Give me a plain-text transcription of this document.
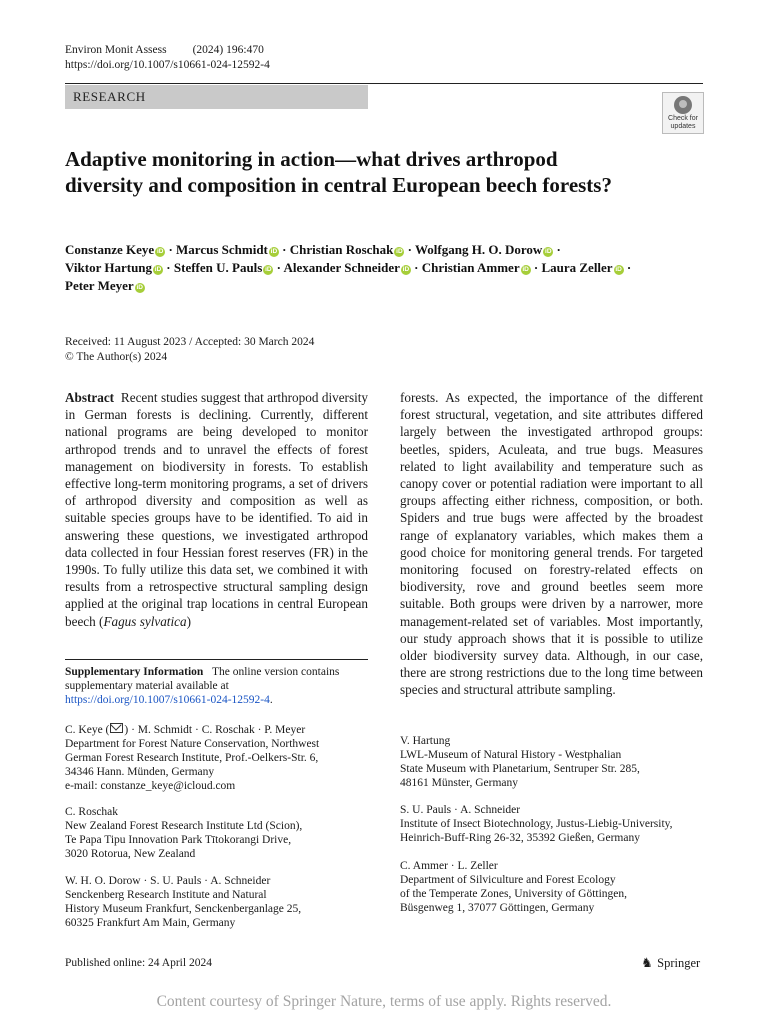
Environ Monit Assess (2024) 196:470
https://doi.org/10.1007/s10661-024-12592-4
RESEARCH
Check for
updates
Adaptive monitoring in action—what drives arthropod diversity and composition in central European beech forests?
Constanze Keye iD · Marcus Schmidt iD · Christian Roschak iD · Wolfgang H. O. Dorow iD ·
Viktor Hartung iD · Steffen U. Pauls iD · Alexander Schneider iD · Christian Ammer iD · Laura Zeller iD ·
Peter Meyer iD
Received: 11 August 2023 / Accepted: 30 March 2024
© The Author(s) 2024

Abstract Recent studies suggest that arthropod diversity in German forests is declining. Currently, different national programs are being developed to monitor arthropod trends and to unravel the effects of forest management on biodiversity in forests. To establish effective long-term monitoring programs, a set of drivers of arthropod diversity and composition as well as suitable species groups have to be identified. To aid in answering these questions, we investigated arthropod data collected in four Hessian forest reserves (FR) in the 1990s. To fully utilize this data set, we combined it with results from a retrospective structural sampling design applied at the original trap locations in central European beech (Fagus sylvatica)

forests. As expected, the importance of the different forest structural, vegetation, and site attributes differed largely between the investigated arthropod groups: beetles, spiders, Aculeata, and true bugs. Measures related to light availability and temperature such as canopy cover or potential radiation were important to all groups affecting either richness, composition, or both. Spiders and true bugs were affected by the broadest range of explanatory variables, which makes them a good choice for monitoring general trends. For targeted monitoring focused on forestry-related effects on biodiversity, rove and ground beetles seem more suitable. Both groups were driven by a narrower, more management-related set of variables. Most importantly, our study approach shows that it is possible to utilize older biodiversity survey data. Although, in our case, there are strong restrictions due to the long time between species and structural attribute sampling.

Supplementary Information The online version contains supplementary material available at https://doi.org/10.1007/s10661-024-12592-4.

C. Keye ( ) · M. Schmidt · C. Roschak · P. Meyer

Department for Forest Nature Conservation, Northwest

German Forest Research Institute, Prof.-Oelkers-Str. 6,

34346 Hann. Münden, Germany

e-mail: constanze_keye@icloud.com

C. Roschak

New Zealand Forest Research Institute Ltd (Scion),

Te Papa Tipu Innovation Park Tītokorangi Drive,

3020 Rotorua, New Zealand

W. H. O. Dorow · S. U. Pauls · A. Schneider

Senckenberg Research Institute and Natural

History Museum Frankfurt, Senckenberganlage 25,

60325 Frankfurt Am Main, Germany

V. Hartung

LWL-Museum of Natural History - Westphalian

State Museum with Planetarium, Sentruper Str. 285,

48161 Münster, Germany

S. U. Pauls · A. Schneider

Institute of Insect Biotechnology, Justus-Liebig-University,

Heinrich-Buff-Ring 26-32, 35392 Gießen, Germany

C. Ammer · L. Zeller

Department of Silviculture and Forest Ecology

of the Temperate Zones, University of Göttingen,

Büsgenweg 1, 37077 Göttingen, Germany

Published online: 24 April 2024	♞ Springer
Content courtesy of Springer Nature, terms of use apply. Rights reserved.
